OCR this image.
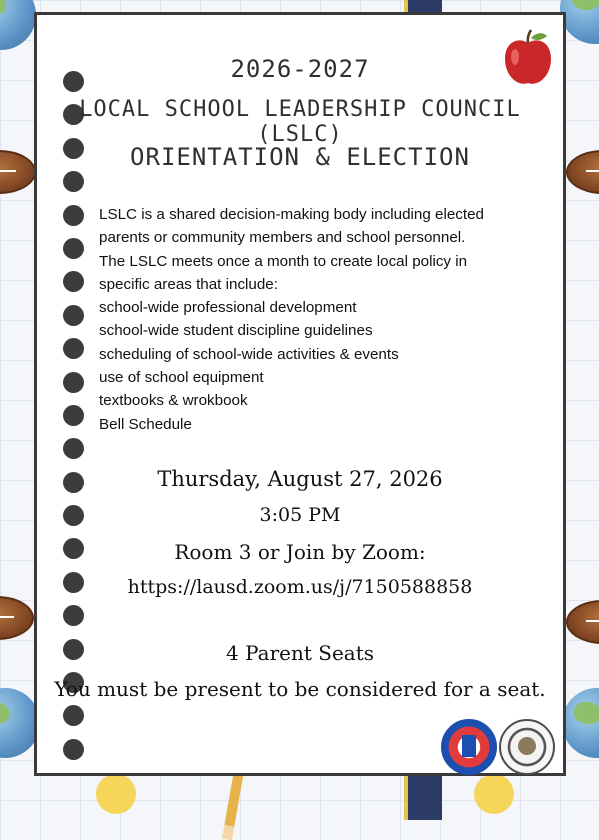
2026-2027
LOCAL SCHOOL LEADERSHIP COUNCIL (LSLC)
ORIENTATION & ELECTION

LSLC is a shared decision-making body including elected

parents or community members and school personnel.

The LSLC meets once a month to create local policy in

specific areas that include:

school-wide professional development

school-wide student discipline guidelines

scheduling of school-wide activities & events

use of school equipment

textbooks & wrokbook

Bell Schedule

Thursday, August 27, 2026
3:05 PM
Room 3 or Join by Zoom:
https://lausd.zoom.us/j/7150588858
4 Parent Seats
You must be present to be considered for a seat.
